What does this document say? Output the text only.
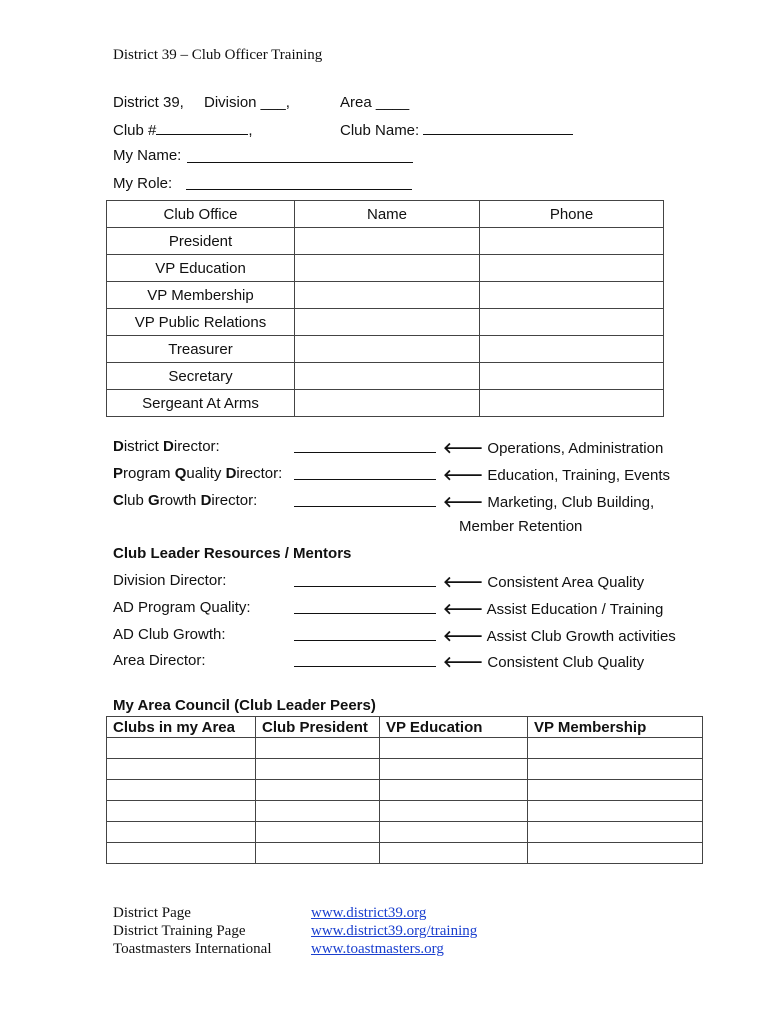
District 39 – Club Officer Training
District 39, Division ___,	Area ____
Club #	,	Club Name:
My Name:
My Role:
Club Office	Name	Phone
President		
VP Education		
VP Membership		
VP Public Relations		
Treasurer		
Secretary		
Sergeant At Arms		
District Director:	🡐 Operations, Administration
Program Quality Director:	🡐 Education, Training, Events
Club Growth Director:	🡐 Marketing, Club Building,
Member Retention
Club Leader Resources / Mentors
Division Director:	🡐 Consistent Area Quality
AD Program Quality:	🡐 Assist Education / Training
AD Club Growth:	🡐 Assist Club Growth activities
Area Director:	🡐 Consistent Club Quality
My Area Council (Club Leader Peers)
Clubs in my Area	Club President	VP Education	VP Membership

District Page	www.district39.org
District Training Page	www.district39.org/training
Toastmasters International	www.toastmasters.org
